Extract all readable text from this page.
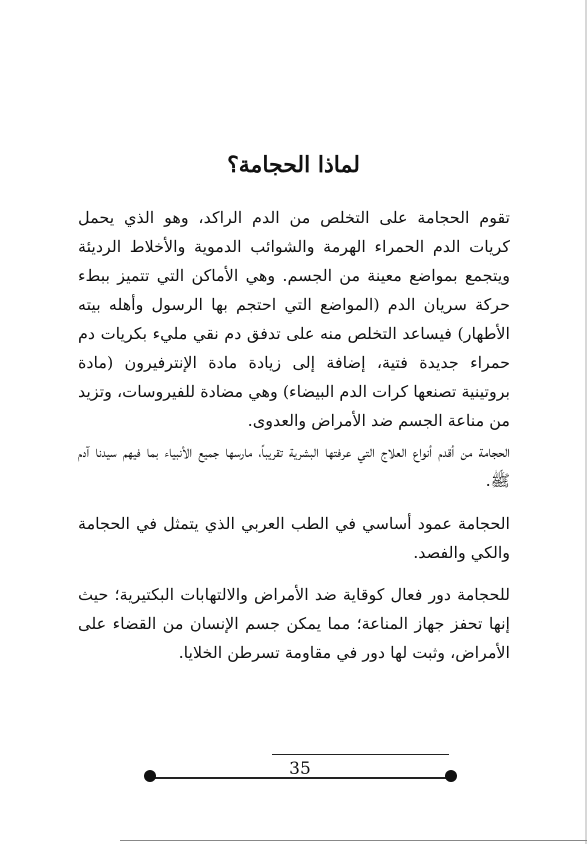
لماذا الحجامة؟
تقوم الحجامة على التخلص من الدم الراكد، وهو الذي يحمل كريات الدم الحمراء الهرمة والشوائب الدموية والأخلاط الرديئة ويتجمع بمواضع معينة من الجسم. وهي الأماكن التي تتميز ببطء حركة سريان الدم (المواضع التي احتجم بها الرسول وأهله بيته الأطهار) فيساعد التخلص منه على تدفق دم نقي مليء بكريات دم حمراء جديدة فتية، إضافة إلى زيادة مادة الإنترفيرون (مادة بروتينية تصنعها كرات الدم البيضاء) وهي مضادة للفيروسات، وتزيد من مناعة الجسم ضد الأمراض والعدوى.
الحجامة من أقدم أنواع العلاج التي عرفتها البشرية تقريباً، مارسها جميع الأنبياء بما فيهم سيدنا آدم ﷺ.
الحجامة عمود أساسي في الطب العربي الذي يتمثل في الحجامة والكي والفصد.
للحجامة دور فعال كوقاية ضد الأمراض والالتهابات البكتيرية؛ حيث إنها تحفز جهاز المناعة؛ مما يمكن جسم الإنسان من القضاء على الأمراض، وثبت لها دور في مقاومة تسرطن الخلايا.
35
